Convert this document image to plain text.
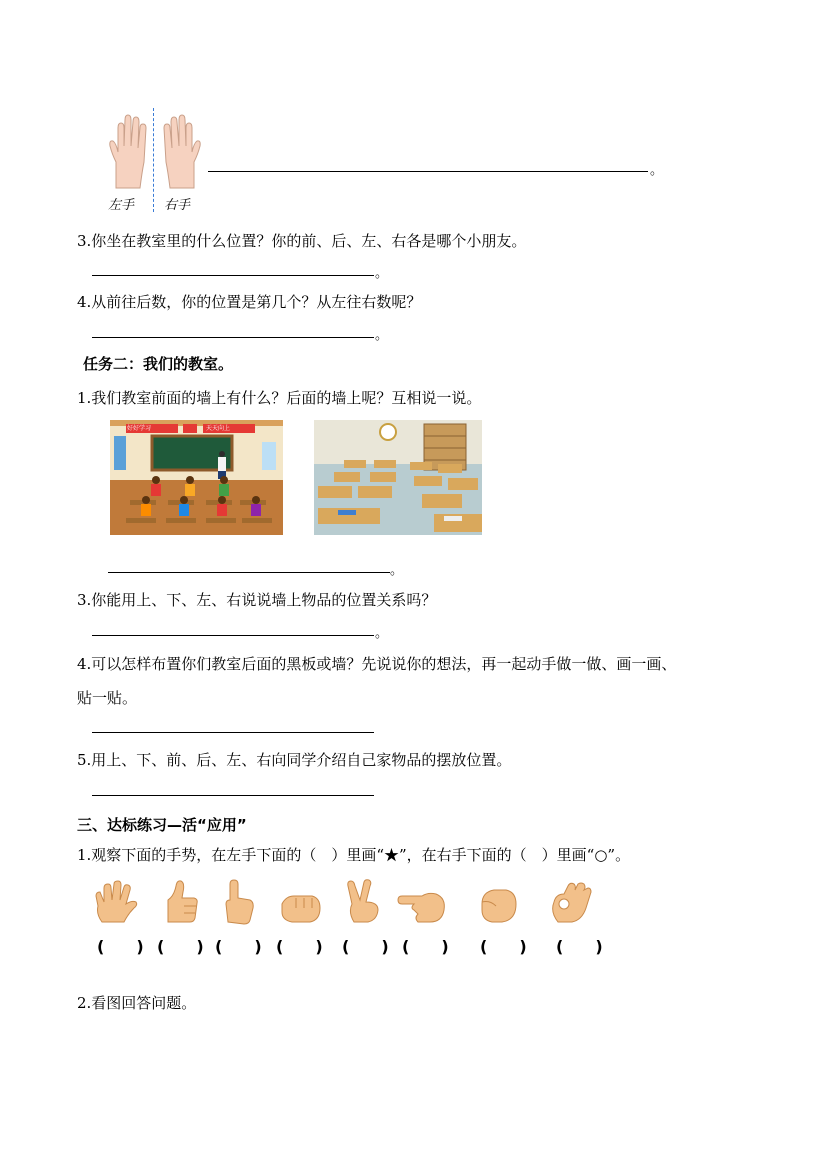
左手 右手
。
3.你坐在教室里的什么位置？你的前、后、左、右各是哪个小朋友。
。
4.从前往后数，你的位置是第几个？从左往右数呢？
。
任务二：我们的教室。
1.我们教室前面的墙上有什么？后面的墙上呢？互相说一说。
好好学习	天天向上
。
3.你能用上、下、左、右说说墙上物品的位置关系吗？
。
4.可以怎样布置你们教室后面的黑板或墙？先说说你的想法，再一起动手做一做、画一画、
贴一贴。
5.用上、下、前、后、左、右向同学介绍自己家物品的摆放位置。
三、达标练习—活“应用”
1.观察下面的手势，在左手下面的（　）里画“★”，在右手下面的（　）里画“○”。
(　　) (　　) (　　) (　　) (　　) (　　) (　　) (　　)
2.看图回答问题。
